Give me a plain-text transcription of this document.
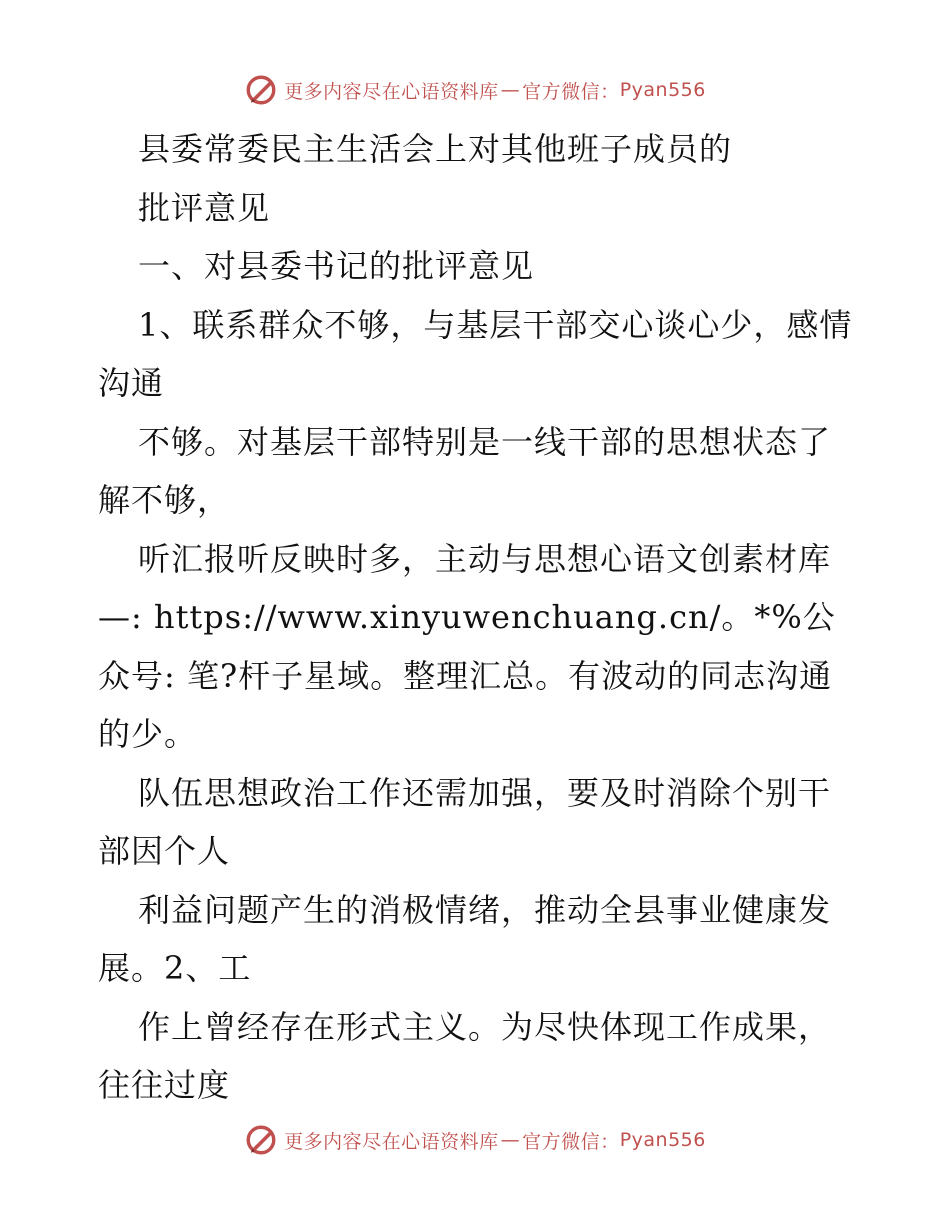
更多内容尽在心语资料库 — 官方微信： Pyan556

县委常委民主生活会上对其他班子成员的

批评意见

一、对县委书记的批评意见

1、联系群众不够，与基层干部交心谈心少，感情沟通

不够。对基层干部特别是一线干部的思想状态了解不够，

听汇报听反映时多，主动与思想心语文创素材库—: https://www.xinyuwenchuang.cn/。*%公众号: 笔?杆子星域。整理汇总。有波动的同志沟通的少。

队伍思想政治工作还需加强，要及时消除个别干部因个人

利益问题产生的消极情绪，推动全县事业健康发展。2、工

作上曾经存在形式主义。为尽快体现工作成果，往往过度

更多内容尽在心语资料库 — 官方微信： Pyan556
